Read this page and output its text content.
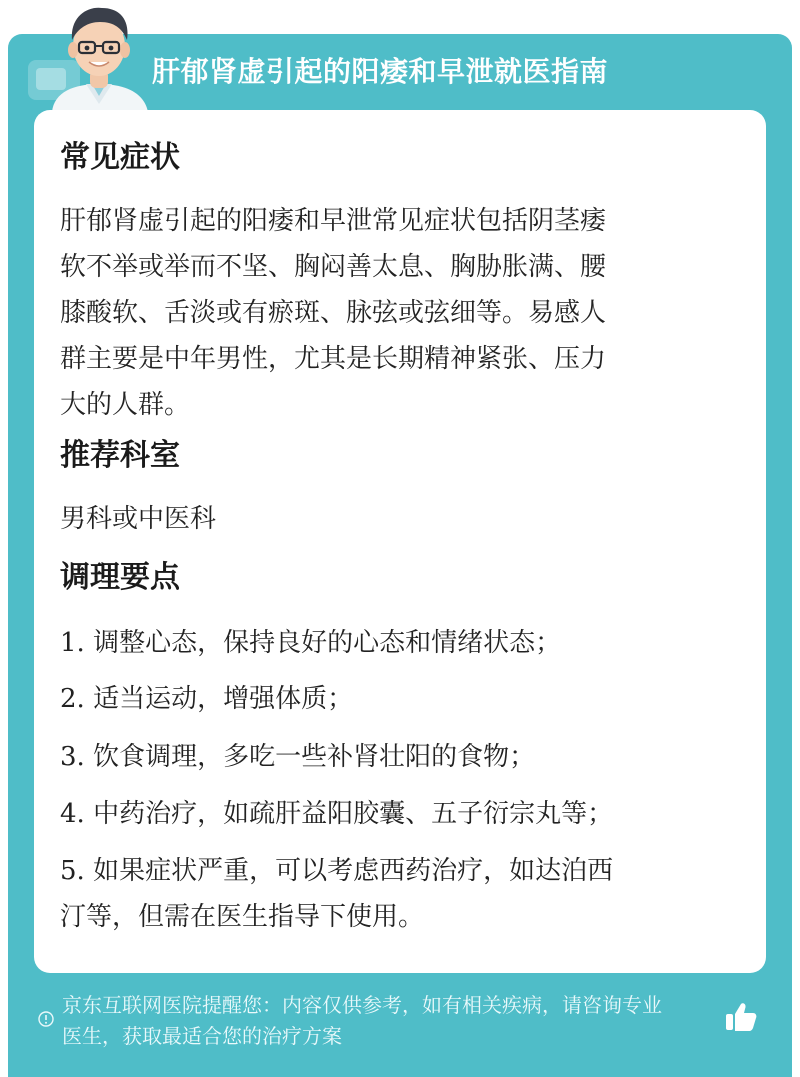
肝郁肾虚引起的阳痿和早泄就医指南
常见症状
肝郁肾虚引起的阳痿和早泄常见症状包括阴茎痿
软不举或举而不坚、胸闷善太息、胸胁胀满、腰
膝酸软、舌淡或有瘀斑、脉弦或弦细等。易感人
群主要是中年男性，尤其是长期精神紧张、压力
大的人群。
推荐科室
男科或中医科
调理要点
1. 调整心态，保持良好的心态和情绪状态；
2. 适当运动，增强体质；
3. 饮食调理，多吃一些补肾壮阳的食物；
4. 中药治疗，如疏肝益阳胶囊、五子衍宗丸等；
5. 如果症状严重，可以考虑西药治疗，如达泊西
汀等，但需在医生指导下使用。
京东互联网医院提醒您：内容仅供参考，如有相关疾病，请咨询专业
医生，获取最适合您的治疗方案
